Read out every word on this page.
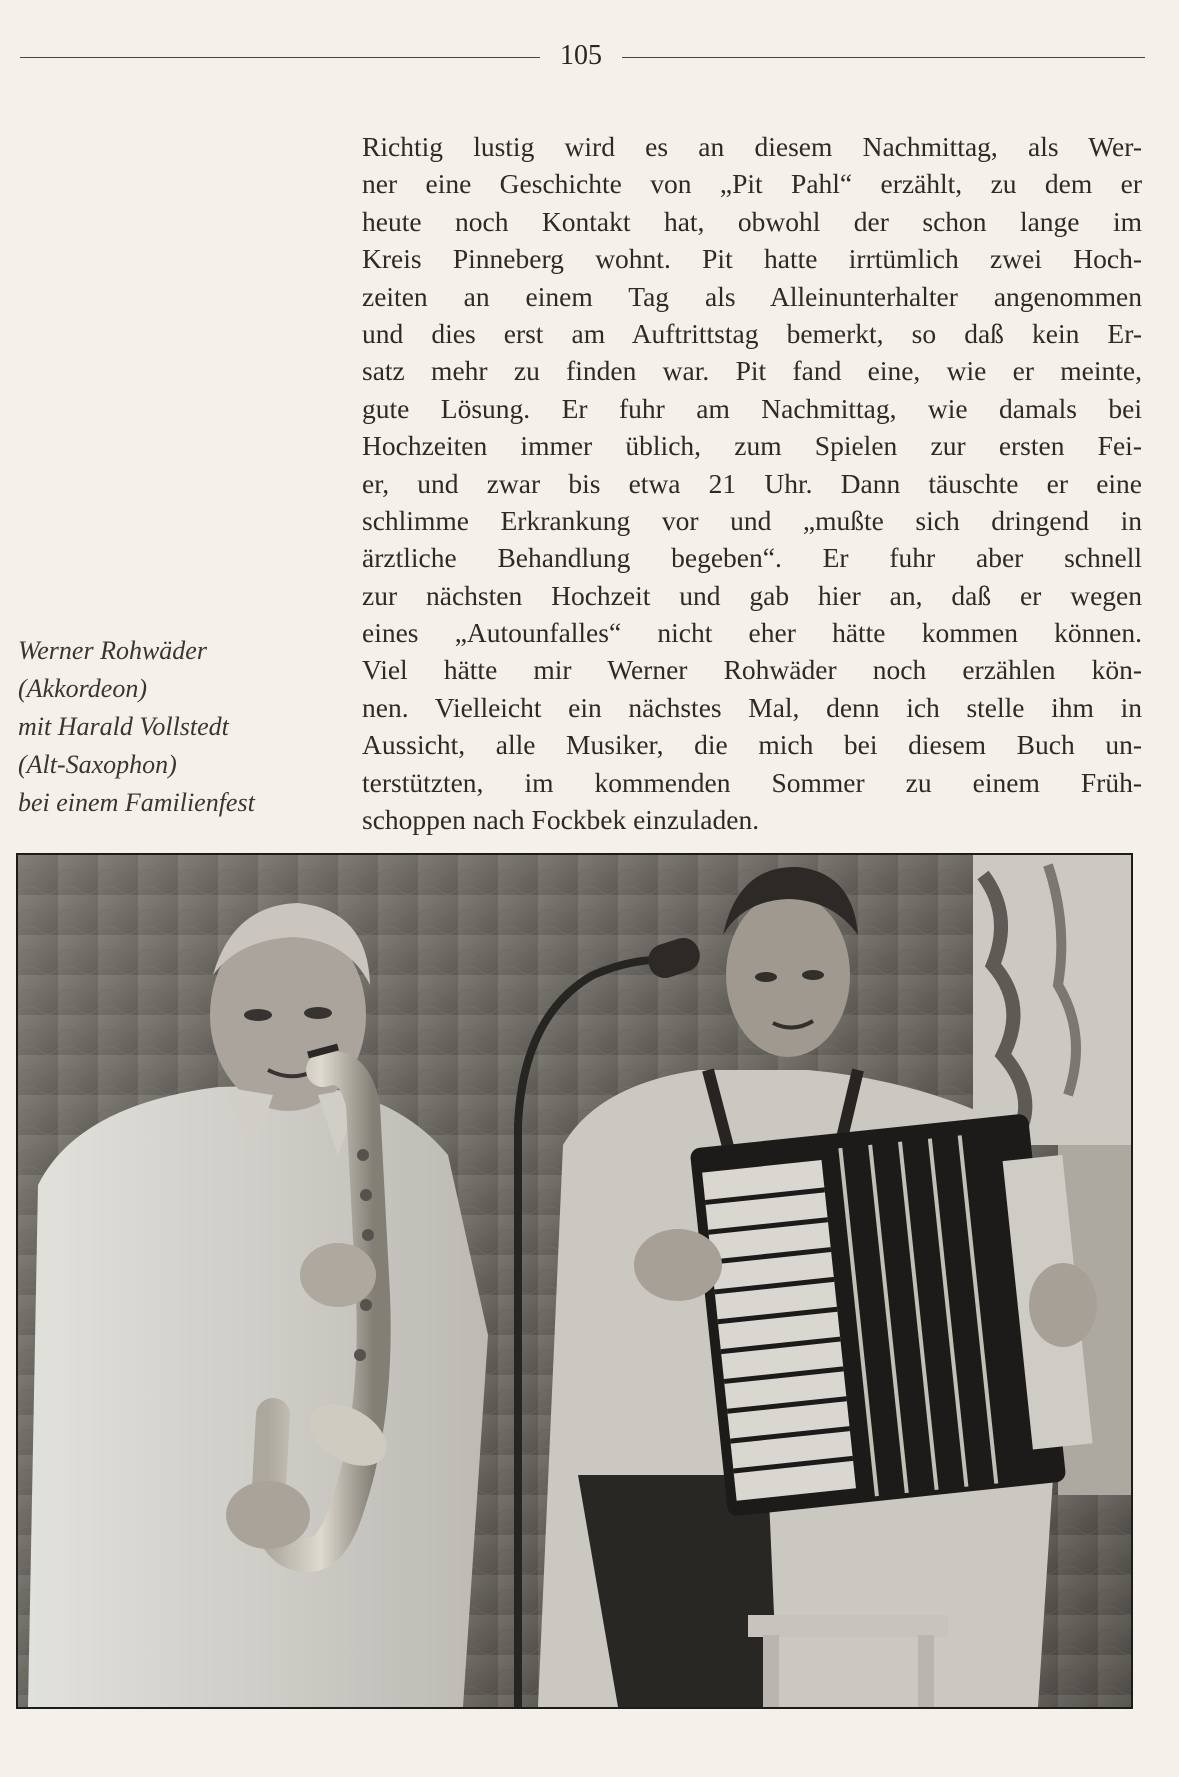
105
Werner Rohwäder
(Akkordeon)
mit Harald Vollstedt
(Alt-Saxophon)
bei einem Familienfest
Richtig lustig wird es an diesem Nachmittag, als Wer-
ner eine Geschichte von „Pit Pahl“ erzählt, zu dem er
heute noch Kontakt hat, obwohl der schon lange im
Kreis Pinneberg wohnt. Pit hatte irrtümlich zwei Hoch-
zeiten an einem Tag als Alleinunterhalter angenommen
und dies erst am Auftrittstag bemerkt, so daß kein Er-
satz mehr zu finden war. Pit fand eine, wie er meinte,
gute Lösung. Er fuhr am Nachmittag, wie damals bei
Hochzeiten immer üblich, zum Spielen zur ersten Fei-
er, und zwar bis etwa 21 Uhr. Dann täuschte er eine
schlimme Erkrankung vor und „mußte sich dringend in
ärztliche Behandlung begeben“. Er fuhr aber schnell
zur nächsten Hochzeit und gab hier an, daß er wegen
eines „Autounfalles“ nicht eher hätte kommen können.
Viel hätte mir Werner Rohwäder noch erzählen kön-
nen. Vielleicht ein nächstes Mal, denn ich stelle ihm in
Aussicht, alle Musiker, die mich bei diesem Buch un-
terstützten, im kommenden Sommer zu einem Früh-
schoppen nach Fockbek einzuladen.
